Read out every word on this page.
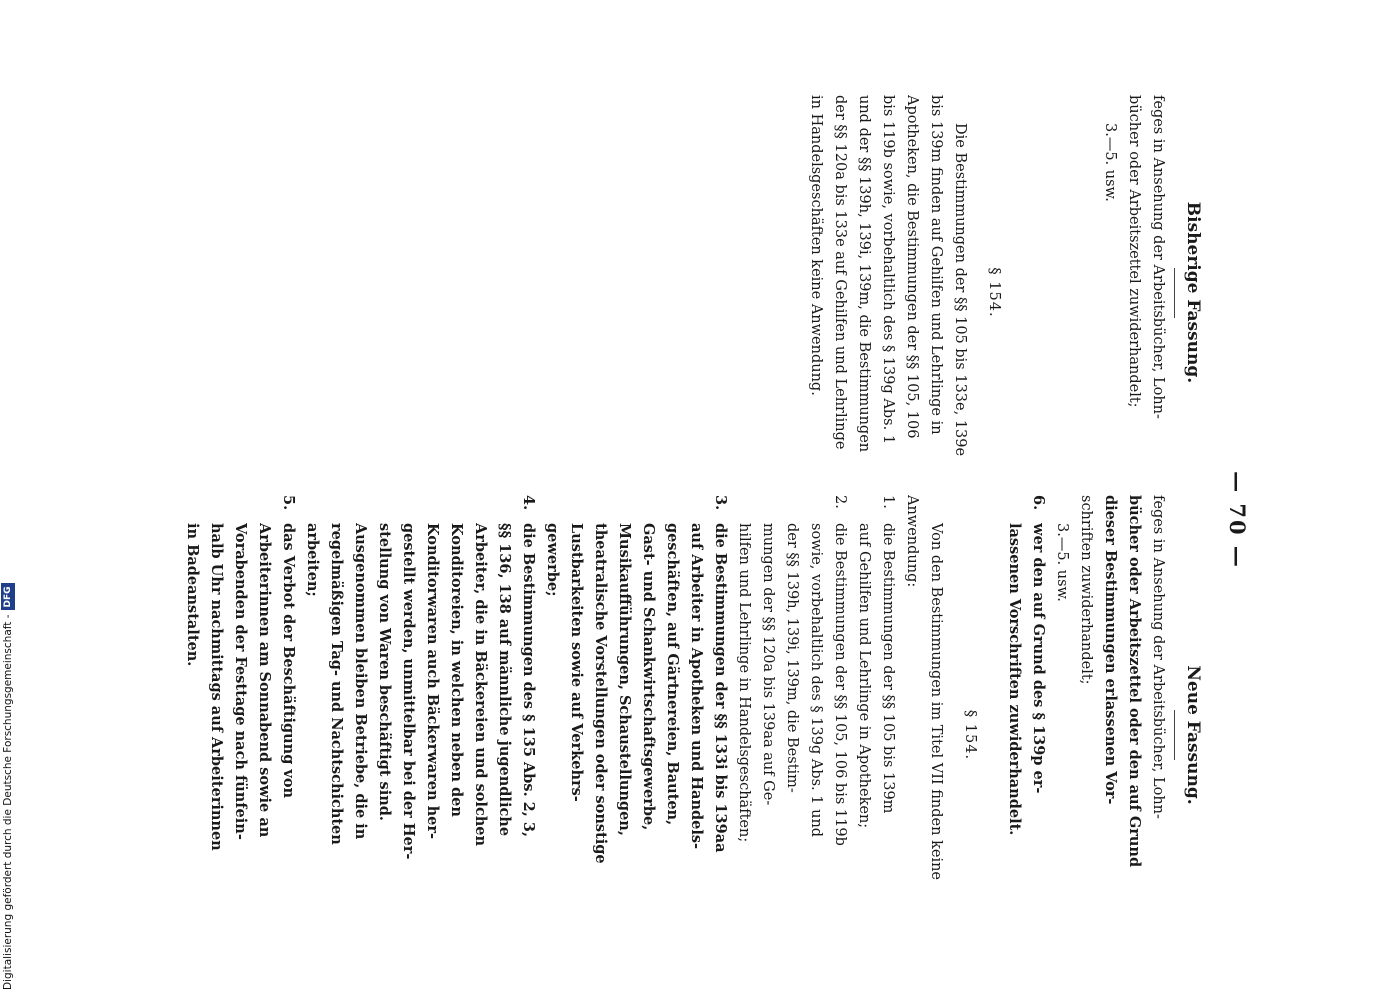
— 70 —
Bisherige Fassung.
feges in Ansehung der Arbeitsbücher, Lohn-
bücher oder Arbeitszettel zuwiderhandelt;
3.—5. usw.
§ 154.
Die Bestimmungen der §§ 105 bis 133e, 139e
bis 139m finden auf Gehilfen und Lehrlinge in
Apotheken, die Bestimmungen der §§ 105, 106
bis 119b sowie, vorbehaltlich des § 139g Abs. 1
und der §§ 139h, 139i, 139m, die Bestimmungen
der §§ 120a bis 133e auf Gehilfen und Lehrlinge
in Handelsgeschäften keine Anwendung.
Neue Fassung.
feges in Ansehung der Arbeitsbücher, Lohn-
bücher oder Arbeitszettel oder den auf Grund
dieser Bestimmungen erlassenen Vor-
schriften zuwiderhandelt;
3.—5. usw.
6.
wer den auf Grund des § 139p er-
lassenen Vorschriften zuwiderhandelt.
§ 154.
Von den Bestimmungen im Titel VII finden keine
Anwendung:
1.
die Bestimmungen der §§ 105 bis 139m
auf Gehilfen und Lehrlinge in Apotheken;
2.
die Bestimmungen der §§ 105, 106 bis 119b
sowie, vorbehaltlich des § 139g Abs. 1 und
der §§ 139h, 139i, 139m, die Bestim-
mungen der §§ 120a bis 139aa auf Ge-
hilfen und Lehrlinge in Handelsgeschäften;
3.
die Bestimmungen der §§ 133i bis 139aa
auf Arbeiter in Apotheken und Handels-
geschäften, auf Gärtnereien, Bauten,
Gast- und Schankwirtschaftsgewerbe,
Musikaufführungen, Schaustellungen,
theatralische Vorstellungen oder sonstige
Lustbarkeiten sowie auf Verkehrs-
gewerbe;
4.
die Bestimmungen des § 135 Abs. 2, 3,
§§ 136, 138 auf männliche jugendliche
Arbeiter, die in Bäckereien und solchen
Konditoreien, in welchen neben den
Konditorwaren auch Bäckerwaren her-
gestellt werden, unmittelbar bei der Her-
stellung von Waren beschäftigt sind.
Ausgenommen bleiben Betriebe, die in
regelmäßigen Tag- und Nachtschichten
arbeiten;
5.
das Verbot der Beschäftigung von
Arbeiterinnen am Sonnabend sowie an
Vorabenden der Festtage nach fünfein-
halb Uhr nachmittags auf Arbeiterinnen
in Badeanstalten.
Digitalisierung gefördert durch die Deutsche Forschungsgemeinschaft -
DFG
